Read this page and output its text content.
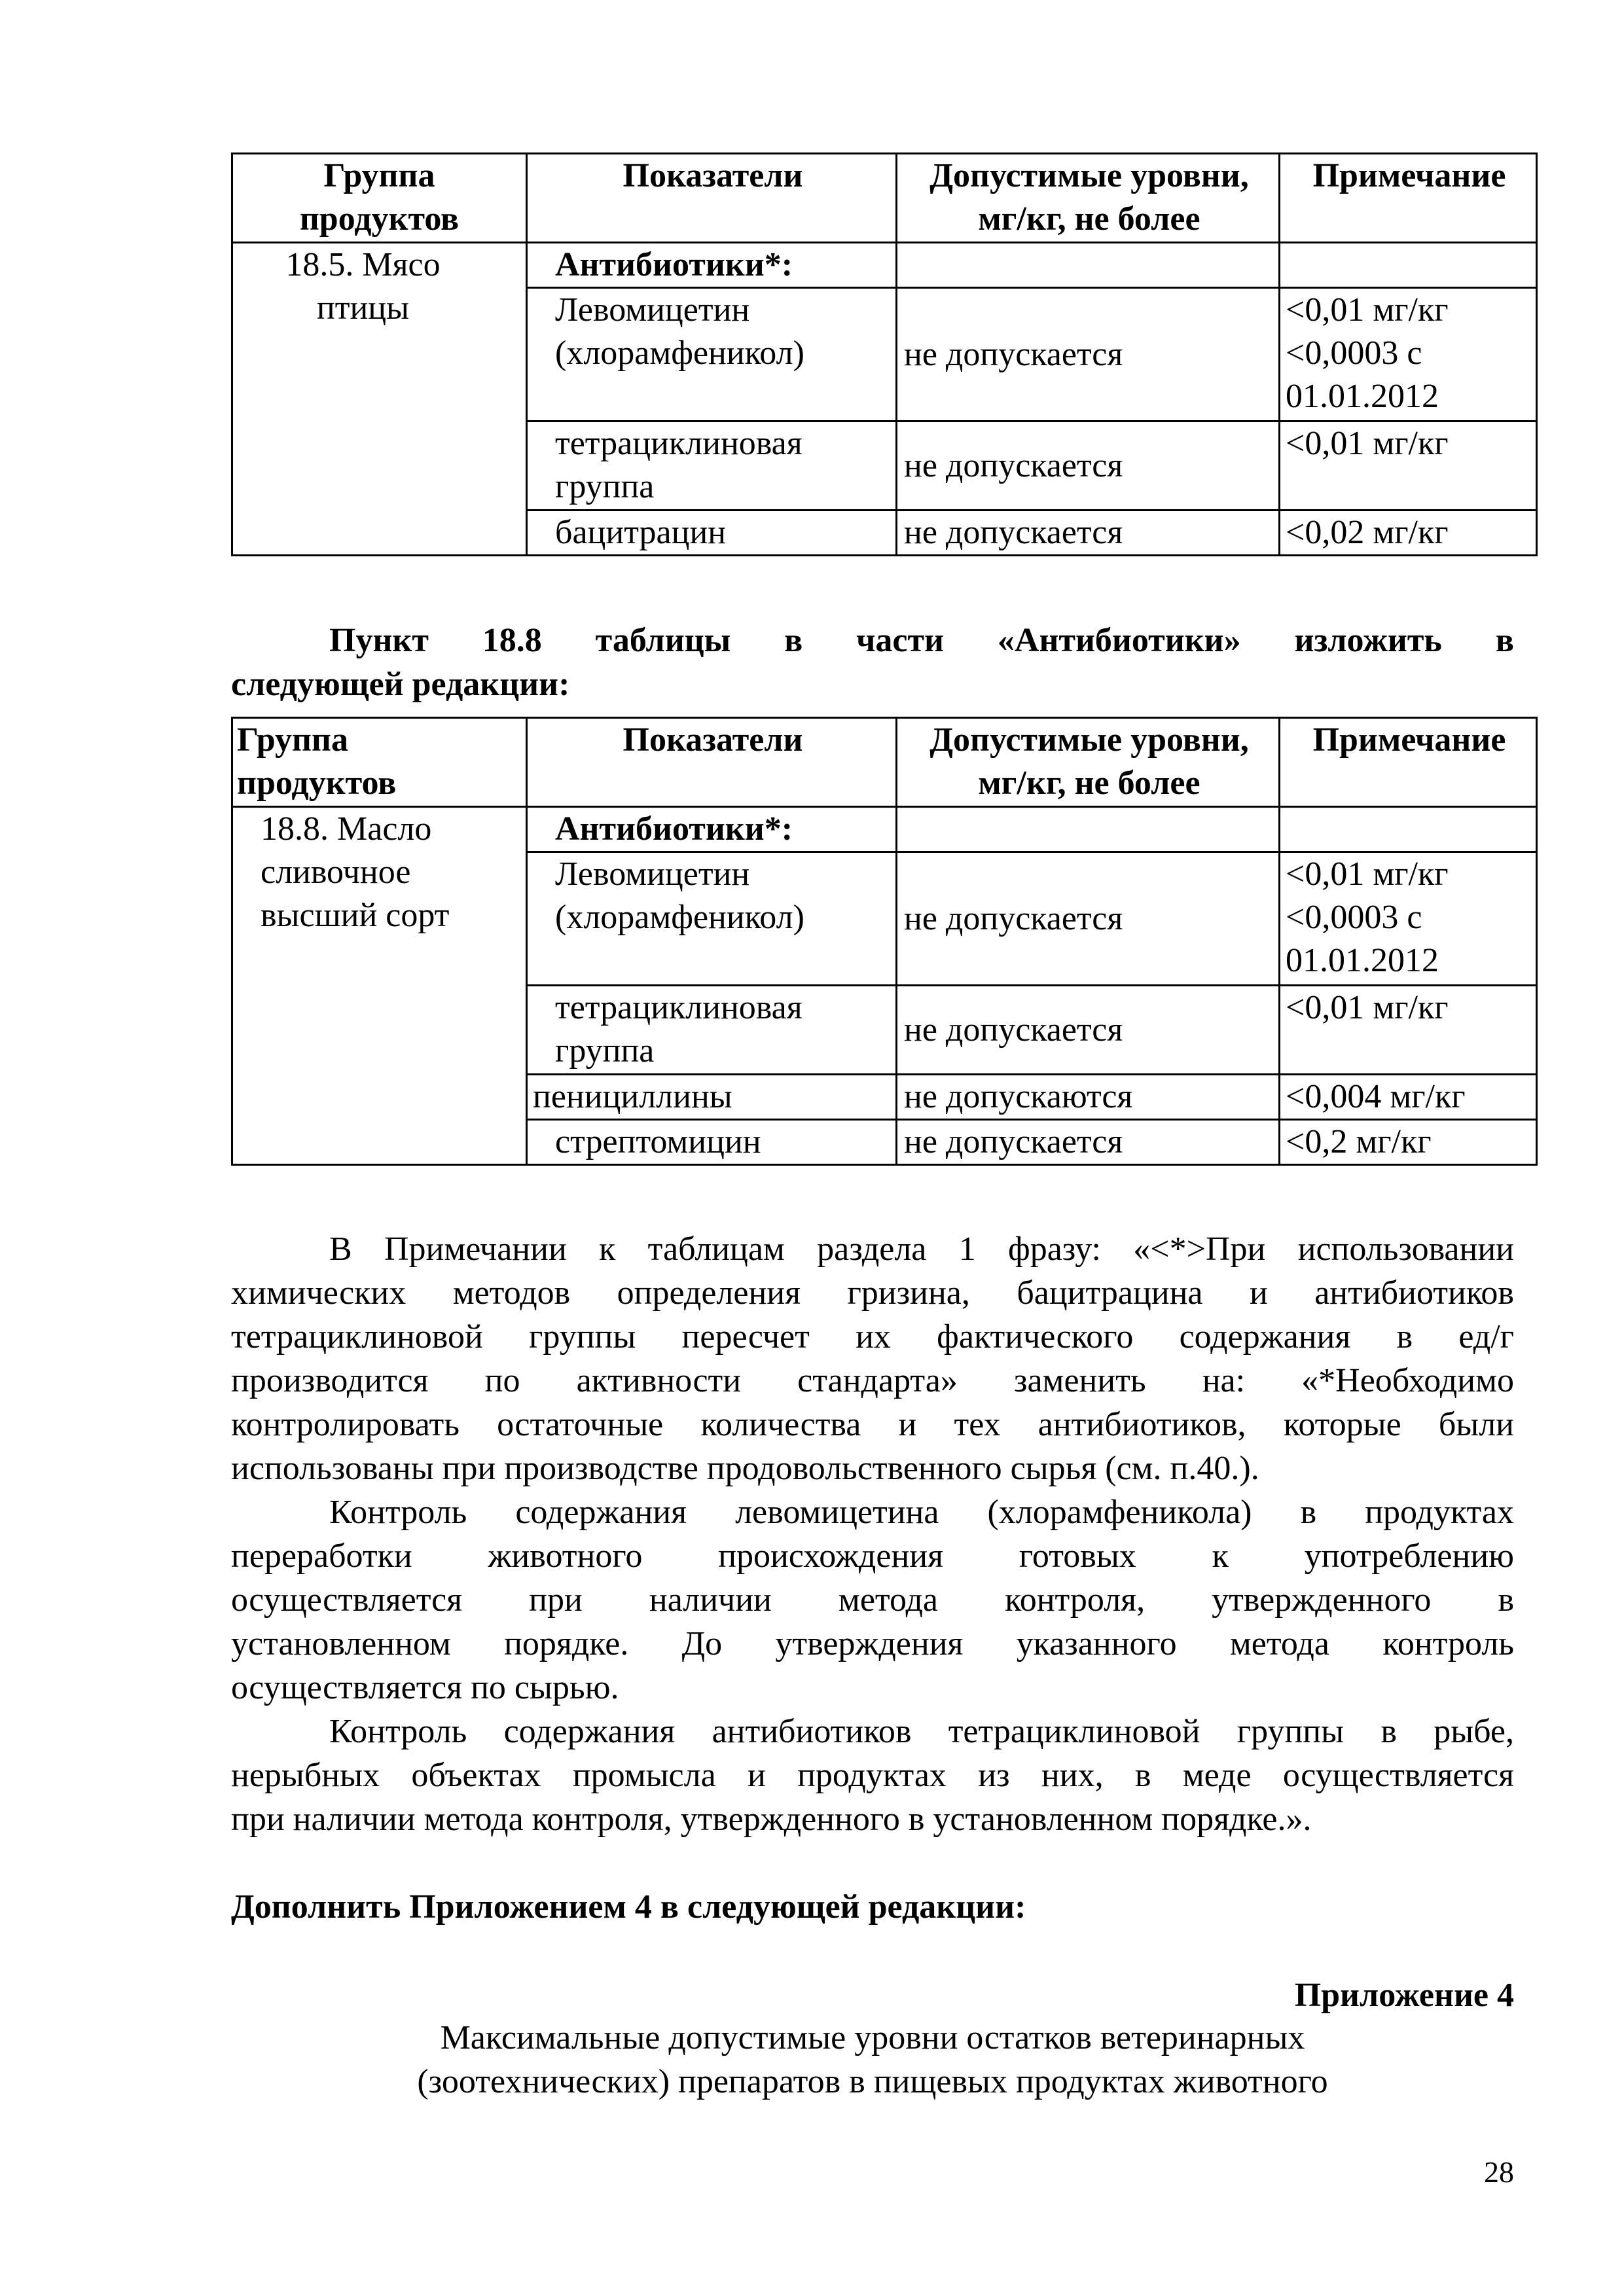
Группа продуктов	Показатели	Допустимые уровни, мг/кг, не более	Примечание
18.5. Мясо птицы	Антибиотики*:		
	Левомицетин (хлорамфеникол)	не допускается	<0,01 мг/кг
<0,0003 с
01.01.2012

	тетрациклиновая группа	не допускается	<0,01 мг/кг

	бацитрацин	не допускается	<0,02 мг/кг
Пункт 18.8 таблицы в части «Антибиотики» изложить в
следующей редакции:
Группа продуктов	Показатели	Допустимые уровни, мг/кг, не более	Примечание
18.8. Масло сливочное высший сорт	Антибиотики*:		
	Левомицетин (хлорамфеникол)	не допускается	<0,01 мг/кг
<0,0003 с
01.01.2012

	тетрациклиновая группа	не допускается	<0,01 мг/кг

	пенициллины	не допускаются	<0,004 мг/кг

	стрептомицин	не допускается	<0,2 мг/кг
В Примечании к таблицам раздела 1 фразу: «<*>При использовании
химических методов определения гризина, бацитрацина и антибиотиков
тетрациклиновой группы пересчет их фактического содержания в ед/г
производится по активности стандарта» заменить на: «*Необходимо
контролировать остаточные количества и тех антибиотиков, которые были
использованы при производстве продовольственного сырья (см. п.40.).
Контроль содержания левомицетина (хлорамфеникола) в продуктах
переработки животного происхождения готовых к употреблению
осуществляется при наличии метода контроля, утвержденного в
установленном порядке. До утверждения указанного метода контроль
осуществляется по сырью.
Контроль содержания антибиотиков тетрациклиновой группы в рыбе,
нерыбных объектах промысла и продуктах из них, в меде осуществляется
при наличии метода контроля, утвержденного в установленном порядке.».
Дополнить Приложением 4 в следующей редакции:
Приложение 4
Максимальные допустимые уровни остатков ветеринарных
(зоотехнических) препаратов в пищевых продуктах животного
28
